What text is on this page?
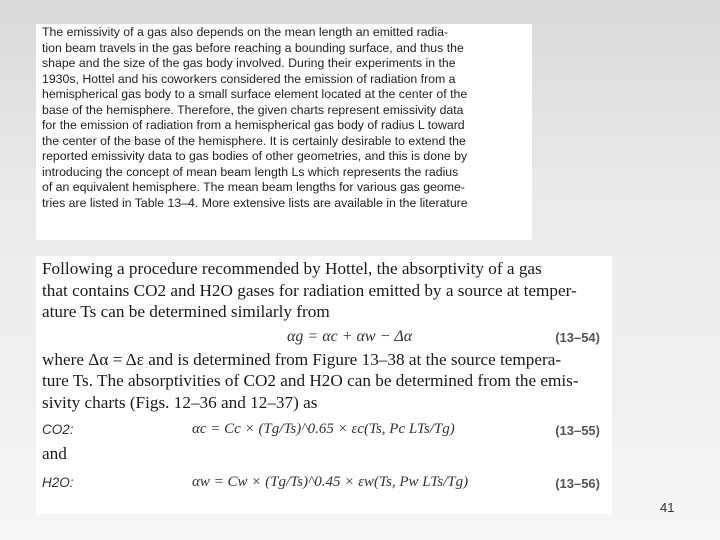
The emissivity of a gas also depends on the mean length an emitted radia-
tion beam travels in the gas before reaching a bounding surface, and thus the
shape and the size of the gas body involved. During their experiments in the
1930s, Hottel and his coworkers considered the emission of radiation from a
hemispherical gas body to a small surface element located at the center of the
base of the hemisphere. Therefore, the given charts represent emissivity data
for the emission of radiation from a hemispherical gas body of radius L toward
the center of the base of the hemisphere. It is certainly desirable to extend the
reported emissivity data to gas bodies of other geometries, and this is done by
introducing the concept of mean beam length Ls which represents the radius
of an equivalent hemisphere. The mean beam lengths for various gas geome-
tries are listed in Table 13–4. More extensive lists are available in the literature
Following a procedure recommended by Hottel, the absorptivity of a gas
that contains CO2 and H2O gases for radiation emitted by a source at temper-
ature Ts can be determined similarly from
αg = αc + αw − Δα	(13–54)
where Δα = Δε and is determined from Figure 13–38 at the source tempera-
ture Ts. The absorptivities of CO2 and H2O can be determined from the emis-
sivity charts (Figs. 12–36 and 12–37) as
CO2:	αc = Cc × (Tg/Ts)^0.65 × εc(Ts, Pc LTs/Tg)	(13–55)
and
H2O:	αw = Cw × (Tg/Ts)^0.45 × εw(Ts, Pw LTs/Tg)	(13–56)
41
